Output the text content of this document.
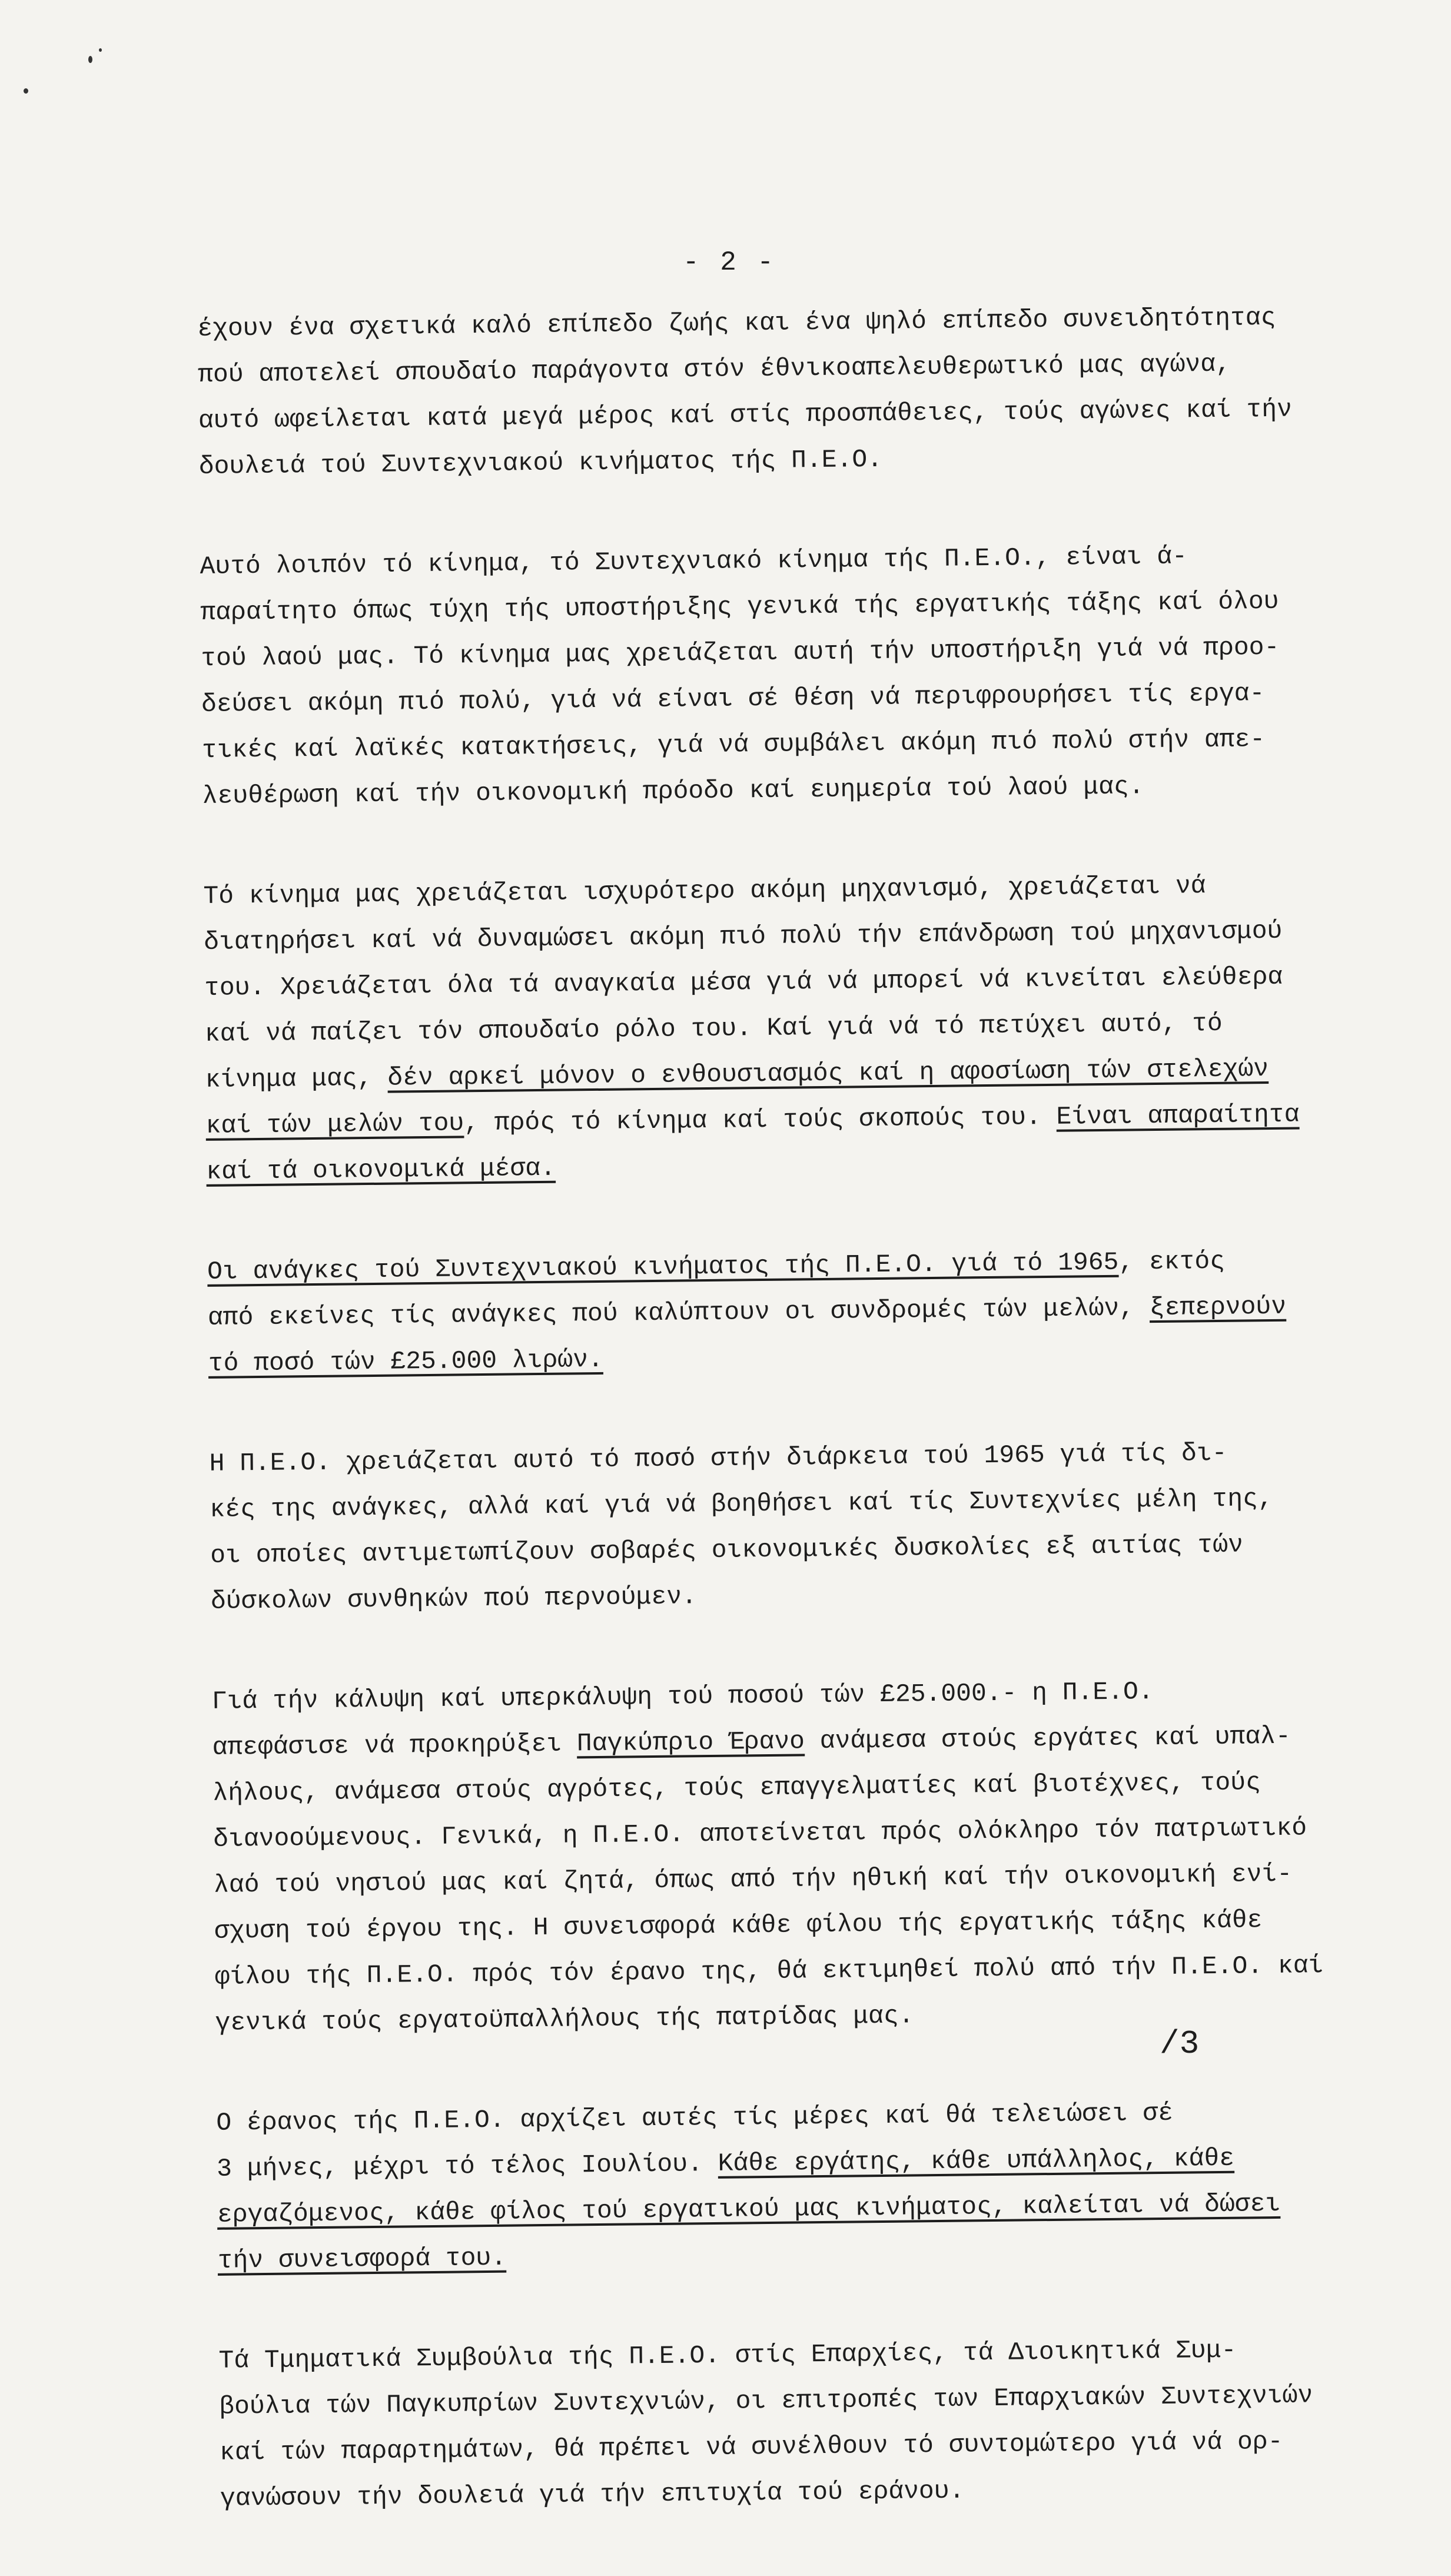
- 2 -
έχουν ένα σχετικά καλό επίπεδο ζωής και ένα ψηλό επίπεδο συνειδητότητας
πού αποτελεί σπουδαίο παράγοντα στόν έθνικοαπελευθερωτικό μας αγώνα,
αυτό ωφείλεται κατά μεγά μέρος καί στίς προσπάθειες, τούς αγώνες καί τήν
δουλειά τού Συντεχνιακού κινήματος τής Π.Ε.Ο.
Αυτό λοιπόν τό κίνημα, τό Συντεχνιακό κίνημα τής Π.Ε.Ο., είναι ά-
παραίτητο όπως τύχη τής υποστήριξης γενικά τής εργατικής τάξης καί όλου
τού λαού μας. Τό κίνημα μας χρειάζεται αυτή τήν υποστήριξη γιά νά προο-
δεύσει ακόμη πιό πολύ, γιά νά είναι σέ θέση νά περιφρουρήσει τίς εργα-
τικές καί λαϊκές κατακτήσεις, γιά νά συμβάλει ακόμη πιό πολύ στήν απε-
λευθέρωση καί τήν οικονομική πρόοδο καί ευημερία τού λαού μας.
Τό κίνημα μας χρειάζεται ισχυρότερο ακόμη μηχανισμό, χρειάζεται νά
διατηρήσει καί νά δυναμώσει ακόμη πιό πολύ τήν επάνδρωση τού μηχανισμού
του. Χρειάζεται όλα τά αναγκαία μέσα γιά νά μπορεί νά κινείται ελεύθερα
καί νά παίζει τόν σπουδαίο ρόλο του. Καί γιά νά τό πετύχει αυτό, τό
κίνημα μας, δέν αρκεί μόνον ο ενθουσιασμός καί η αφοσίωση τών στελεχών
καί τών μελών του, πρός τό κίνημα καί τούς σκοπούς του. Είναι απαραίτητα
καί τά οικονομικά μέσα.
Οι ανάγκες τού Συντεχνιακού κινήματος τής Π.Ε.Ο. γιά τό 1965, εκτός
από εκείνες τίς ανάγκες πού καλύπτουν οι συνδρομές τών μελών, ξεπερνούν
τό ποσό τών £25.000 λιρών.
Η Π.Ε.Ο. χρειάζεται αυτό τό ποσό στήν διάρκεια τού 1965 γιά τίς δι-
κές της ανάγκες, αλλά καί γιά νά βοηθήσει καί τίς Συντεχνίες μέλη της,
οι οποίες αντιμετωπίζουν σοβαρές οικονομικές δυσκολίες εξ αιτίας τών
δύσκολων συνθηκών πού περνούμεν.
Γιά τήν κάλυψη καί υπερκάλυψη τού ποσού τών £25.000.- η Π.Ε.Ο.
απεφάσισε νά προκηρύξει Παγκύπριο Έρανο ανάμεσα στούς εργάτες καί υπαλ-
λήλους, ανάμεσα στούς αγρότες, τούς επαγγελματίες καί βιοτέχνες, τούς
διανοούμενους. Γενικά, η Π.Ε.Ο. αποτείνεται πρός ολόκληρο τόν πατριωτικό
λαό τού νησιού μας καί ζητά, όπως από τήν ηθική καί τήν οικονομική ενί-
σχυση τού έργου της. Η συνεισφορά κάθε φίλου τής εργατικής τάξης κάθε
φίλου τής Π.Ε.Ο. πρός τόν έρανο της, θά εκτιμηθεί πολύ από τήν Π.Ε.Ο. καί
γενικά τούς εργατοϋπαλλήλους τής πατρίδας μας.
Ο έρανος τής Π.Ε.Ο. αρχίζει αυτές τίς μέρες καί θά τελειώσει σέ
3 μήνες, μέχρι τό τέλος Ιουλίου. Κάθε εργάτης, κάθε υπάλληλος, κάθε
εργαζόμενος, κάθε φίλος τού εργατικού μας κινήματος, καλείται νά δώσει
τήν συνεισφορά του.
Τά Τμηματικά Συμβούλια τής Π.Ε.Ο. στίς Επαρχίες, τά Διοικητικά Συμ-
βούλια τών Παγκυπρίων Συντεχνιών, οι επιτροπές των Επαρχιακών Συντεχνιών
καί τών παραρτημάτων, θά πρέπει νά συνέλθουν τό συντομώτερο γιά νά ορ-
γανώσουν τήν δουλειά γιά τήν επιτυχία τού εράνου.
/3
